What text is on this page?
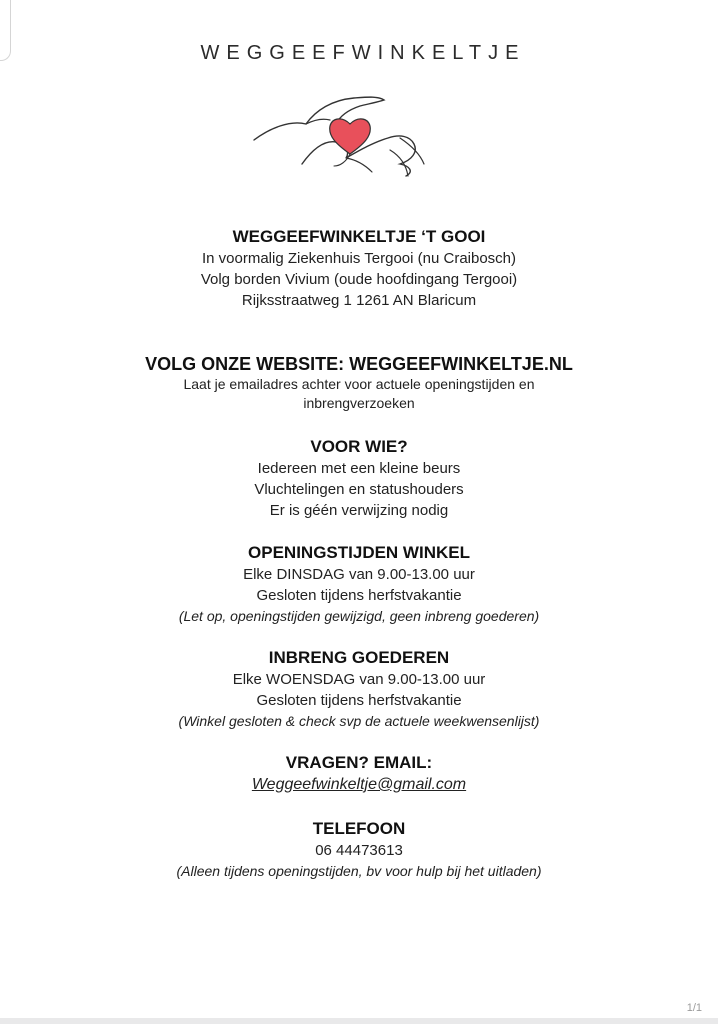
WEGGEEFWINKELTJE
WEGGEEFWINKELTJE ‘T GOOI
In voormalig Ziekenhuis Tergooi (nu Craibosch)
Volg borden Vivium (oude hoofdingang Tergooi)
Rijksstraatweg 1 1261 AN Blaricum
VOLG ONZE WEBSITE: WEGGEEFWINKELTJE.NL
Laat je emailadres achter voor actuele openingstijden en
inbrengverzoeken
VOOR WIE?
Iedereen met een kleine beurs
Vluchtelingen en statushouders
Er is géén verwijzing nodig
OPENINGSTIJDEN WINKEL
Elke DINSDAG van 9.00-13.00 uur
Gesloten tijdens herfstvakantie
(Let op, openingstijden gewijzigd, geen inbreng goederen)
INBRENG GOEDEREN
Elke WOENSDAG van 9.00-13.00 uur
Gesloten tijdens herfstvakantie
(Winkel gesloten & check svp de actuele weekwensenlijst)
VRAGEN? EMAIL:
Weggeefwinkeltje@gmail.com
TELEFOON
06 44473613
(Alleen tijdens openingstijden, bv voor hulp bij het uitladen)
1/1
